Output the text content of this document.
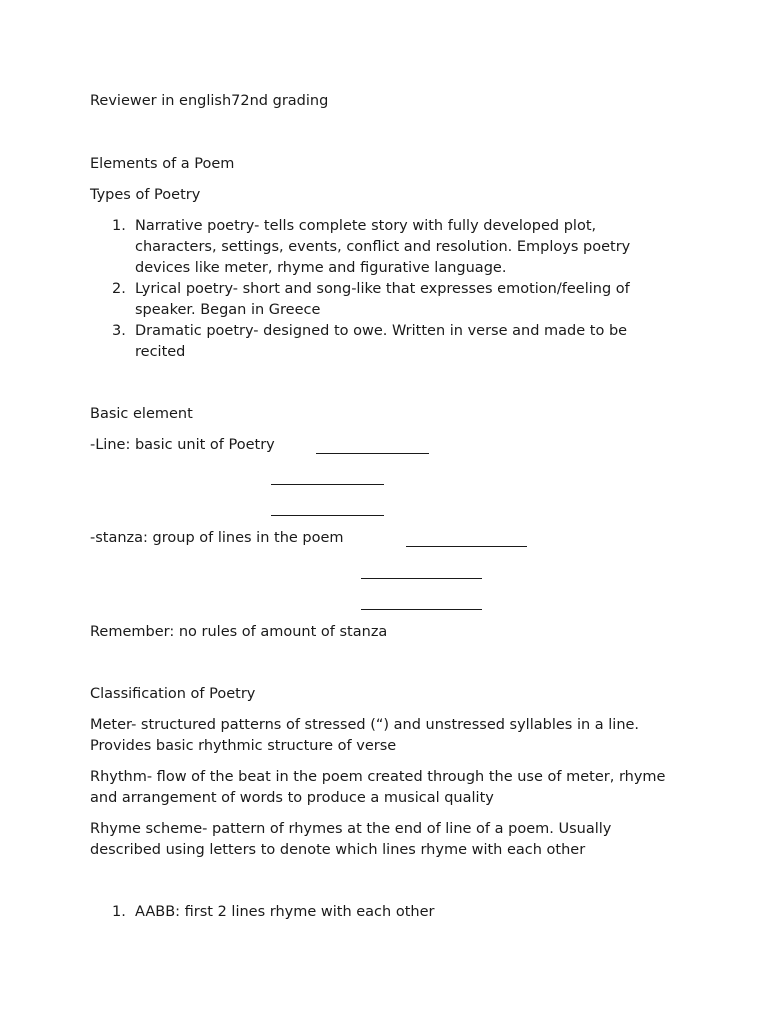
Reviewer in english72nd grading

Elements of a Poem

Types of Poetry

1. Narrative poetry- tells complete story with fully developed plot, characters, settings, events, conflict and resolution. Employs poetry devices like meter, rhyme and figurative language.
2. Lyrical poetry- short and song-like that expresses emotion/feeling of speaker. Began in Greece
3. Dramatic poetry- designed to owe. Written in verse and made to be recited

Basic element

-Line: basic unit of Poetry

-stanza: group of lines in the poem

Remember: no rules of amount of stanza

Classification of Poetry

Meter- structured patterns of stressed (“) and unstressed syllables in a line. Provides basic rhythmic structure of verse

Rhythm- flow of the beat in the poem created through the use of meter, rhyme and arrangement of words to produce a musical quality

Rhyme scheme- pattern of rhymes at the end of line of a poem. Usually described using letters to denote which lines rhyme with each other

1. AABB: first 2 lines rhyme with each other
